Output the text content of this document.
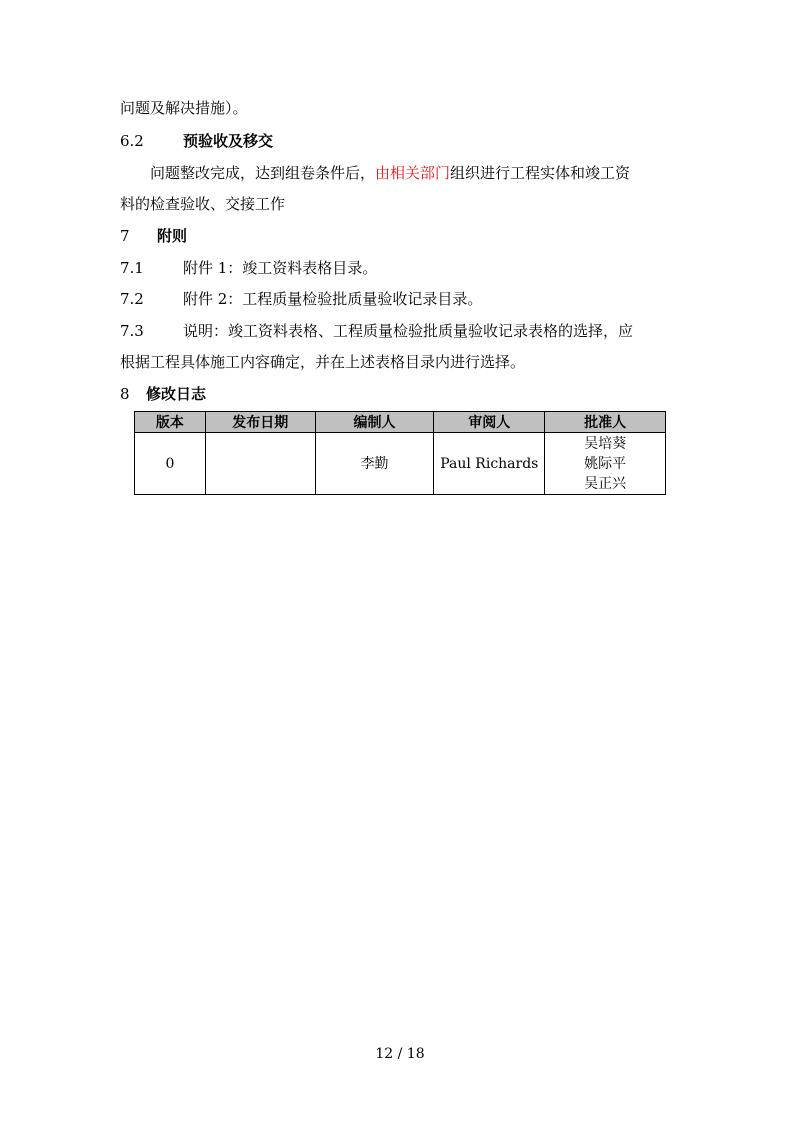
问题及解决措施）。
6.2	预验收及移交
问题整改完成，达到组卷条件后，由相关部门组织进行工程实体和竣工资
料的检查验收、交接工作
7 附则
7.1	附件 1：竣工资料表格目录。
7.2	附件 2：工程质量检验批质量验收记录目录。
7.3	说明：竣工资料表格、工程质量检验批质量验收记录表格的选择，应
根据工程具体施工内容确定，并在上述表格目录内进行选择。
8 修改日志
版本	发布日期	编制人	审阅人	批准人
0		李勤	Paul Richards	吴培葵
姚际平
吴正兴
12 / 18
